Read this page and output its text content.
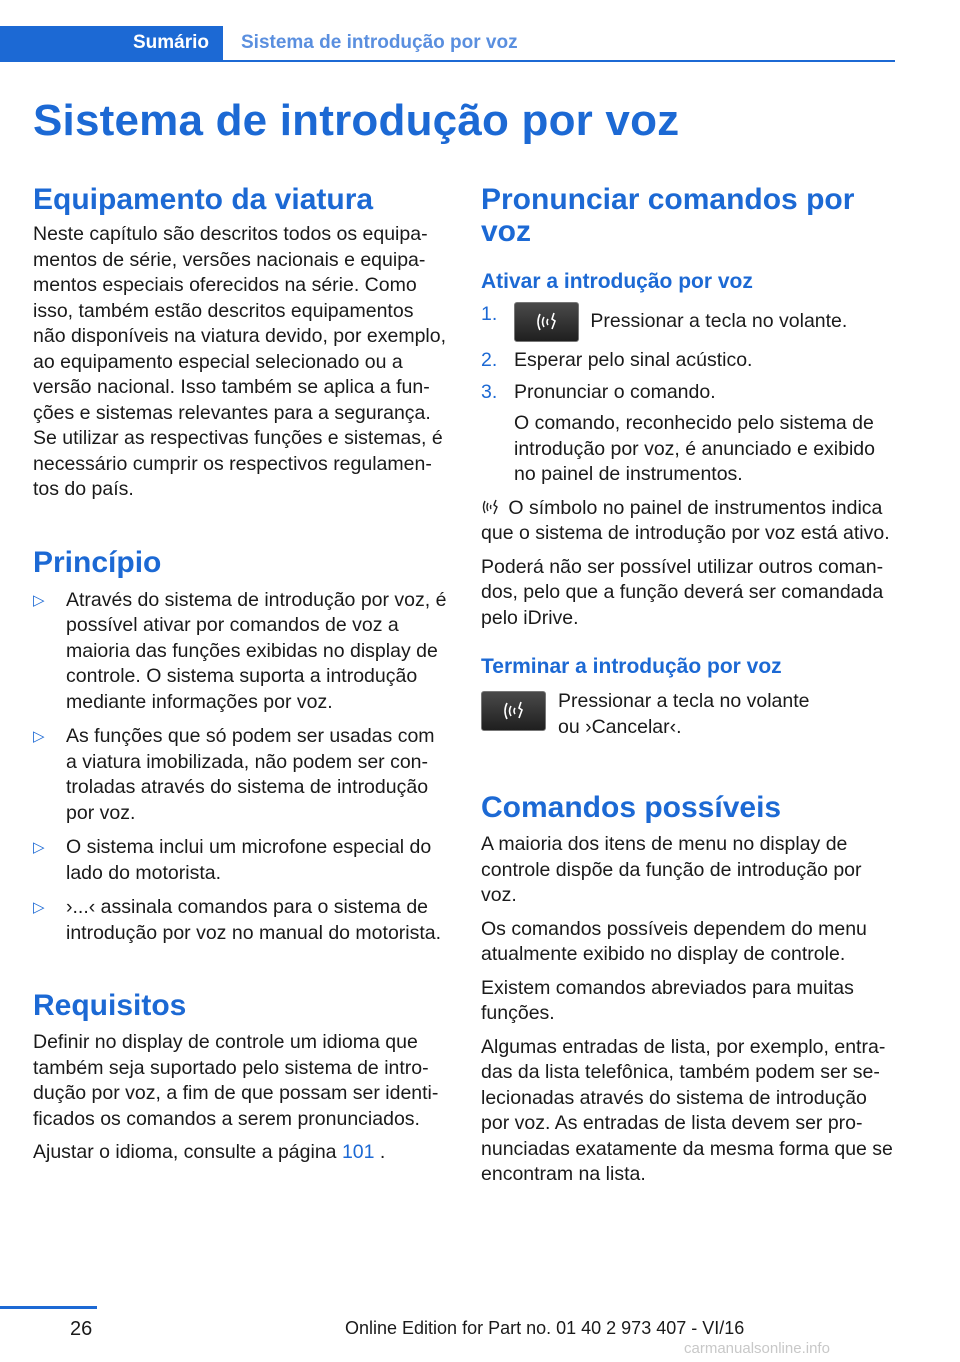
Sumário	Sistema de introdução por voz
Sistema de introdução por voz
Equipamento da viatura

Neste capítulo são descritos todos os equipamentos de série, versões nacionais e equipamentos especiais oferecidos na série. Como isso, também estão descritos equipamentos não disponíveis na viatura devido, por exemplo, ao equipamento especial selecionado ou a versão nacional. Isso também se aplica a funções e sistemas relevantes para a segurança. Se utilizar as respectivas funções e sistemas, é necessário cumprir os respectivos regulamentos do país.

Princípio
▷ Através do sistema de introdução por voz, é possível ativar por comandos de voz a maioria das funções exibidas no display de controle. O sistema suporta a introdução mediante informações por voz.
▷ As funções que só podem ser usadas com a viatura imobilizada, não podem ser controladas através do sistema de introdução por voz.
▷ O sistema inclui um microfone especial do lado do motorista.
▷ ›...‹ assinala comandos para o sistema de introdução por voz no manual do motorista.
Requisitos

Definir no display de controle um idioma que também seja suportado pelo sistema de introdução por voz, a fim de que possam ser identificados os comandos a serem pronunciados.

Ajustar o idioma, consulte a página 101 .

Pronunciar comandos por voz
Ativar a introdução por voz
1.	Pressionar a tecla no volante.
2. Esperar pelo sinal acústico.
3. Pronunciar o comando.
O comando, reconhecido pelo sistema de introdução por voz, é anunciado e exibido no painel de instrumentos.

O símbolo no painel de instrumentos indica que o sistema de introdução por voz está ativo.

Poderá não ser possível utilizar outros comandos, pelo que a função deverá ser comandada pelo iDrive.

Terminar a introdução por voz

Pressionar a tecla no volante ou ›Cancelar‹.

Comandos possíveis

A maioria dos itens de menu no display de controle dispõe da função de introdução por voz.

Os comandos possíveis dependem do menu atualmente exibido no display de controle.

Existem comandos abreviados para muitas funções.

Algumas entradas de lista, por exemplo, entradas da lista telefônica, também podem ser selecionadas através do sistema de introdução por voz. As entradas de lista devem ser pronunciadas exatamente da mesma forma que se encontram na lista.

26	Online Edition for Part no. 01 40 2 973 407 - VI/16
carmanualsonline.info
